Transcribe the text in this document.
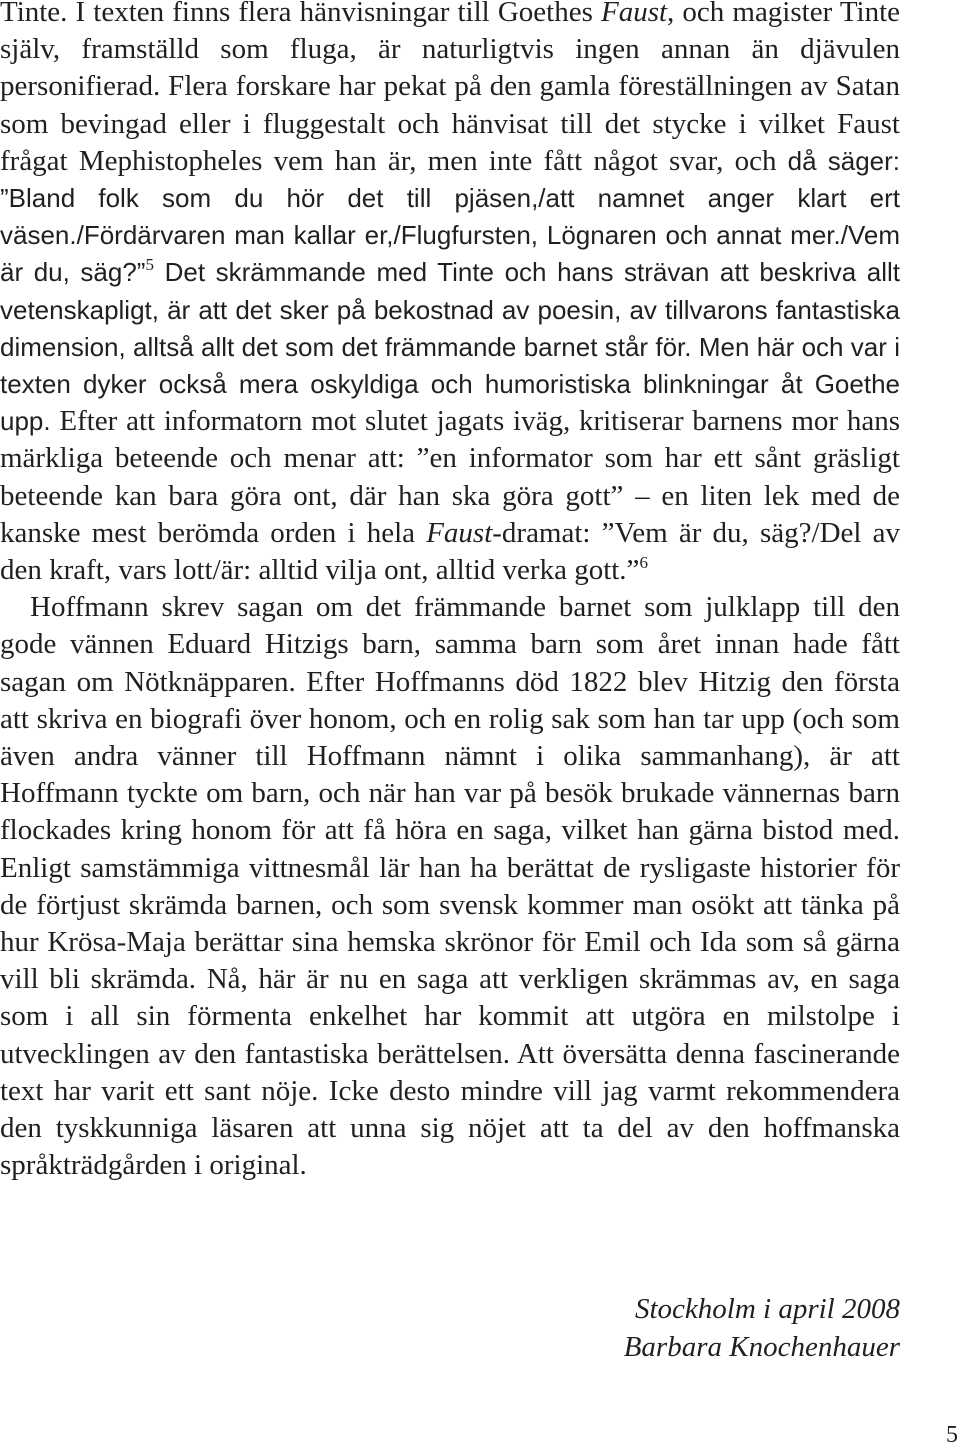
Tinte. I texten finns flera hänvisningar till Goethes Faust, och magister Tinte själv, framställd som fluga, är naturligtvis ingen annan än djävulen personifierad. Flera forskare har pekat på den gamla föreställningen av Satan som bevingad eller i fluggestalt och hänvisat till det stycke i vilket Faust frågat Mephistopheles vem han är, men inte fått något svar, och då säger: ”Bland folk som du hör det till pjäsen,/att namnet anger klart ert väsen./Fördärvaren man kallar er,/Flugfursten, Lögnaren och annat mer./Vem är du, säg?”$^5$ Det skrämmande med Tinte och hans strävan att beskriva allt vetenskapligt, är att det sker på bekostnad av poesin, av tillvarons fantastiska dimension, alltså allt det som det främmande barnet står för. Men här och var i texten dyker också mera oskyldiga och humoristiska blinkningar åt Goethe upp. Efter att informatorn mot slutet jagats iväg, kritiserar barnens mor hans märkliga beteende och menar att: ”en informator som har ett sånt gräsligt beteende kan bara göra ont, där han ska göra gott” – en liten lek med de kanske mest berömda orden i hela Faust-dramat: ”Vem är du, säg?/Del av den kraft, vars lott/är: alltid vilja ont, alltid verka gott.”$^6$

Hoffmann skrev sagan om det främmande barnet som julklapp till den gode vännen Eduard Hitzigs barn, samma barn som året innan hade fått sagan om Nötknäpparen. Efter Hoffmanns död 1822 blev Hitzig den första att skriva en biografi över honom, och en rolig sak som han tar upp (och som även andra vänner till Hoffmann nämnt i olika sammanhang), är att Hoffmann tyckte om barn, och när han var på besök brukade vännernas barn flockades kring honom för att få höra en saga, vilket han gärna bistod med. Enligt samstämmiga vittnesmål lär han ha berättat de rysligaste historier för de förtjust skrämda barnen, och som svensk kommer man osökt att tänka på hur Krösa-Maja berättar sina hemska skrönor för Emil och Ida som så gärna vill bli skrämda. Nå, här är nu en saga att verkligen skrämmas av, en saga som i all sin förmenta enkelhet har kommit att utgöra en milstolpe i utvecklingen av den fantastiska berättelsen. Att översätta denna fascinerande text har varit ett sant nöje. Icke desto mindre vill jag varmt rekommendera den tyskkunniga läsaren att unna sig nöjet att ta del av den hoffmanska språkträdgården i original.

Stockholm i april 2008
Barbara Knochenhauer
5
